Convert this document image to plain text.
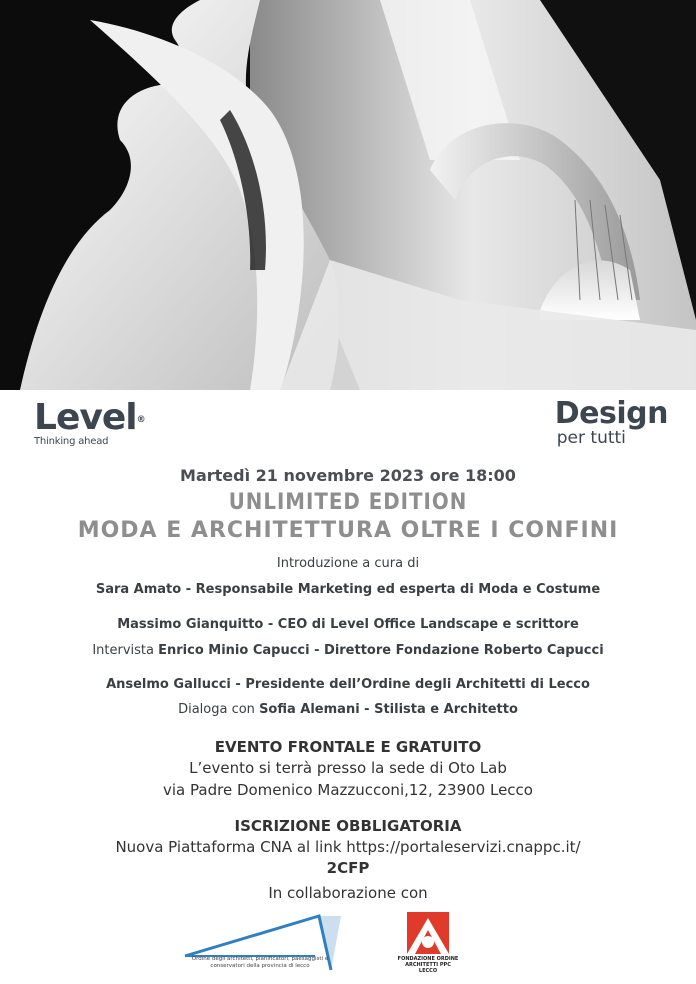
Level®
Thinking ahead
Design
per tutti
Martedì 21 novembre 2023 ore 18:00
UNLIMITED EDITION
MODA E ARCHITETTURA OLTRE I CONFINI
Introduzione a cura di
Sara Amato - Responsabile Marketing ed esperta di Moda e Costume
Massimo Gianquitto - CEO di Level Office Landscape e scrittore
Intervista Enrico Minio Capucci - Direttore Fondazione Roberto Capucci
Anselmo Gallucci - Presidente dell’Ordine degli Architetti di Lecco
Dialoga con Sofia Alemani - Stilista e Architetto
EVENTO FRONTALE E GRATUITO
L’evento si terrà presso la sede di Oto Lab
via Padre Domenico Mazzucconi,12, 23900 Lecco
ISCRIZIONE OBBLIGATORIA
Nuova Piattaforma CNA al link https://portaleservizi.cnappc.it/
2CFP
In collaborazione con
Ordine degli architetti, pianificatori, paesaggisti e conservatori della provincia di lecco
FONDAZIONE ORDINE ARCHITETTI PPC LECCO
